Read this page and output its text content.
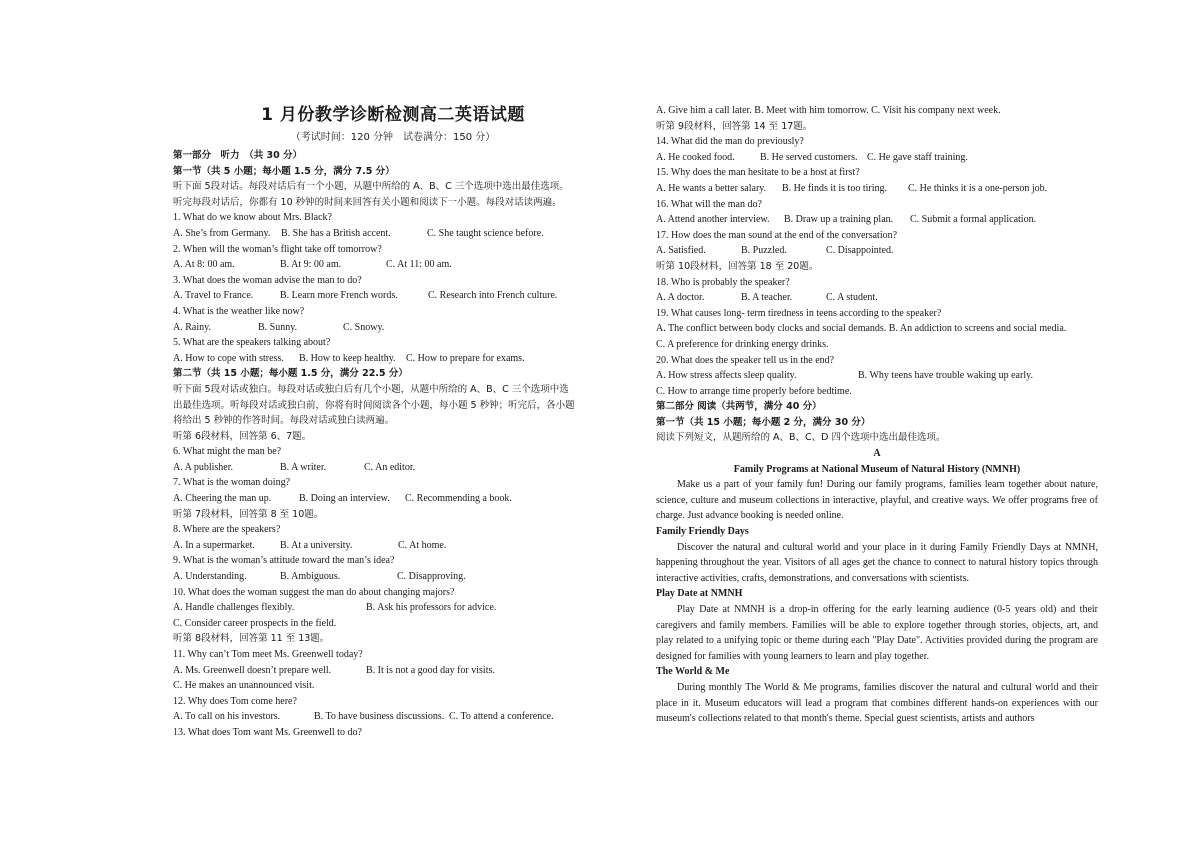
1 月份教学诊断检测高二英语试题
（考试时间：120 分钟　试卷满分：150 分）

第一部分　听力　（共 30 分）

第一节（共 5 小题；每小题 1.5 分，满分 7.5 分）

听下面 5段对话。每段对话后有一个小题，从题中所给的 A、B、C 三个选项中选出最佳选项。

听完每段对话后，你都有 10 秒钟的时间来回答有关小题和阅读下一小题。每段对话读两遍。

1. What do we know about Mrs. Black?

A. She’s from Germany. B. She has a British accent.	C. She taught science before.

2. When will the woman’s flight take off tomorrow?

A. At 8: 00 am.	B. At 9: 00 am.	C. At 11: 00 am.

3. What does the woman advise the man to do?

A. Travel to France.	B. Learn more French words.	C. Research into French culture.

4. What is the weather like now?

A. Rainy.	B. Sunny.	C. Snowy.

5. What are the speakers talking about?

A. How to cope with stress. B. How to keep healthy. C. How to prepare for exams.

第二节（共 15 小题；每小题 1.5 分，满分 22.5 分）

听下面 5段对话或独白。每段对话或独白后有几个小题，从题中所给的 A、B、C 三个选项中选

出最佳选项。听每段对话或独白前，你将有时间阅读各个小题，每小题 5 秒钟；听完后，各小题

将给出 5 秒钟的作答时间。每段对话或独白读两遍。

听第 6段材料，回答第 6、7题。

6. What might the man be?

A. A publisher.	B. A writer.	C. An editor.

7. What is the woman doing?

A. Cheering the man up.	B. Doing an interview. C. Recommending a book.

听第 7段材料，回答第 8 至 10题。

8. Where are the speakers?

A. In a supermarket.	B. At a university.	C. At home.

9. What is the woman’s attitude toward the man’s idea?

A. Understanding.	B. Ambiguous.	C. Disapproving.

10. What does the woman suggest the man do about changing majors?

A. Handle challenges flexibly.	B. Ask his professors for advice.

C. Consider career prospects in the field.

听第 8段材料，回答第 11 至 13题。

11. Why can’t Tom meet Ms. Greenwell today?

A. Ms. Greenwell doesn’t prepare well.	B. It is not a good day for visits.

C. He makes an unannounced visit.

12. Why does Tom come here?

A. To call on his investors.	B. To have business discussions. C. To attend a conference.

13. What does Tom want Ms. Greenwell to do?

A. Give him a call later. B. Meet with him tomorrow. C. Visit his company next week.

听第 9段材料，回答第 14 至 17题。

14. What did the man do previously?

A. He cooked food.	B. He served customers. C. He gave staff training.

15. Why does the man hesitate to be a host at first?

A. He wants a better salary. B. He finds it is too tiring. C. He thinks it is a one-person job.

16. What will the man do?

A. Attend another interview. B. Draw up a training plan. C. Submit a formal application.

17. How does the man sound at the end of the conversation?

A. Satisfied.	B. Puzzled.	C. Disappointed.

听第 10段材料，回答第 18 至 20题。

18. Who is probably the speaker?

A. A doctor.	B. A teacher.	C. A student.

19. What causes long- term tiredness in teens according to the speaker?

A. The conflict between body clocks and social demands. B. An addiction to screens and social media.

C. A preference for drinking energy drinks.

20. What does the speaker tell us in the end?

A. How stress affects sleep quality.	B. Why teens have trouble waking up early.

C. How to arrange time properly before bedtime.

第二部分 阅读（共两节，满分 40 分）

第一节（共 15 小题；每小题 2 分，满分 30 分）

阅读下列短文，从题所给的 A、B、C、D 四个选项中选出最佳选项。

A

Family Programs at National Museum of Natural History (NMNH)

Make us a part of your family fun! During our family programs, families learn together about nature, science, culture and museum collections in interactive, playful, and creative ways. We offer programs free of charge. Just advance booking is needed online.

Family Friendly Days

Discover the natural and cultural world and your place in it during Family Friendly Days at NMNH, happening throughout the year. Visitors of all ages get the chance to connect to natural history topics through interactive activities, crafts, demonstrations, and conversations with scientists.

Play Date at NMNH

Play Date at NMNH is a drop-in offering for the early learning audience (0-5 years old) and their caregivers and family members. Families will be able to explore together through stories, objects, art, and play related to a unifying topic or theme during each "Play Date". Activities provided during the program are designed for families with young learners to learn and play together.

The World & Me

During monthly The World & Me programs, families discover the natural and cultural world and their place in it. Museum educators will lead a program that combines different hands-on experiences with our museum's collections related to that month's theme. Special guest scientists, artists and authors
